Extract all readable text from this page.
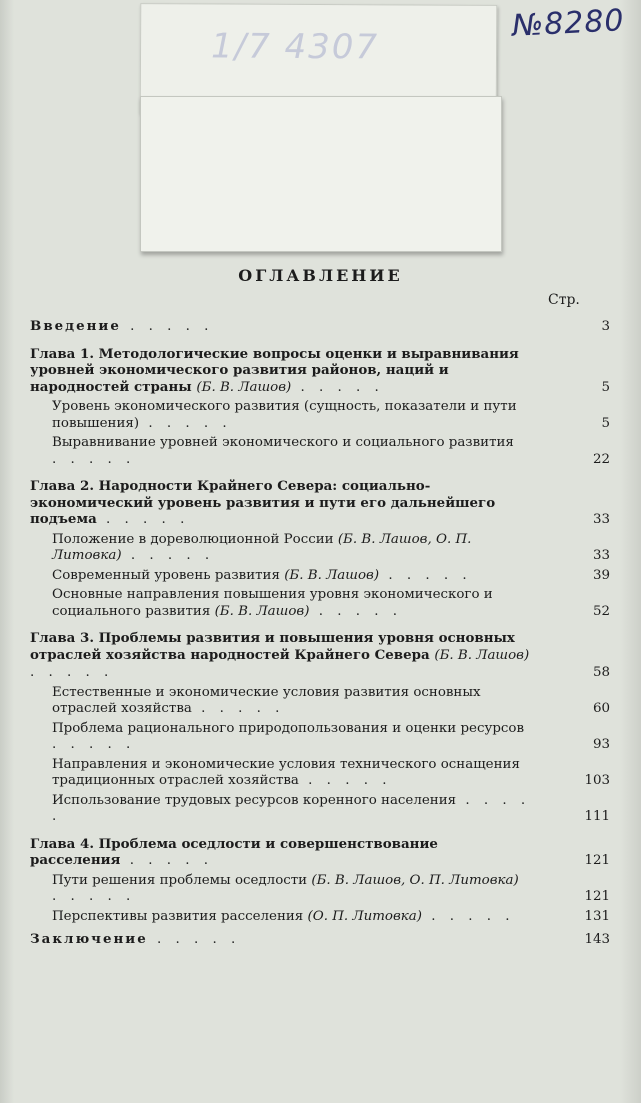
№8280
1/7 4307
ОГЛАВЛЕНИЕ
Стр.
Введение . . . . .	3
Глава 1. Методологические вопросы оценки и выравнивания уровней экономического развития районов, наций и народностей страны (Б. В. Лашов) . . . . .	5
Уровень экономического развития (сущность, показатели и пути повышения) . . . . .	5
Выравнивание уровней экономического и социального развития . . . . .	22
Глава 2. Народности Крайнего Севера: социально-экономический уровень развития и пути его дальнейшего подъема . . . . .	33
Положение в дореволюционной России (Б. В. Лашов, О. П. Литовка) . . . . .	33
Современный уровень развития (Б. В. Лашов) . . . . .	39
Основные направления повышения уровня экономического и социального развития (Б. В. Лашов) . . . . .	52
Глава 3. Проблемы развития и повышения уровня основных отраслей хозяйства народностей Крайнего Севера (Б. В. Лашов) . . . . .	58
Естественные и экономические условия развития основных отраслей хозяйства . . . . .	60
Проблема рационального природопользования и оценки ресурсов . . . . .	93
Направления и экономические условия технического оснащения традиционных отраслей хозяйства . . . . .	103
Использование трудовых ресурсов коренного населения . . . . .	111
Глава 4. Проблема оседлости и совершенствование расселения . . . . .	121
Пути решения проблемы оседлости (Б. В. Лашов, О. П. Литовка) . . . . .	121
Перспективы развития расселения (О. П. Литовка) . . . . .	131
Заключение . . . . .	143
